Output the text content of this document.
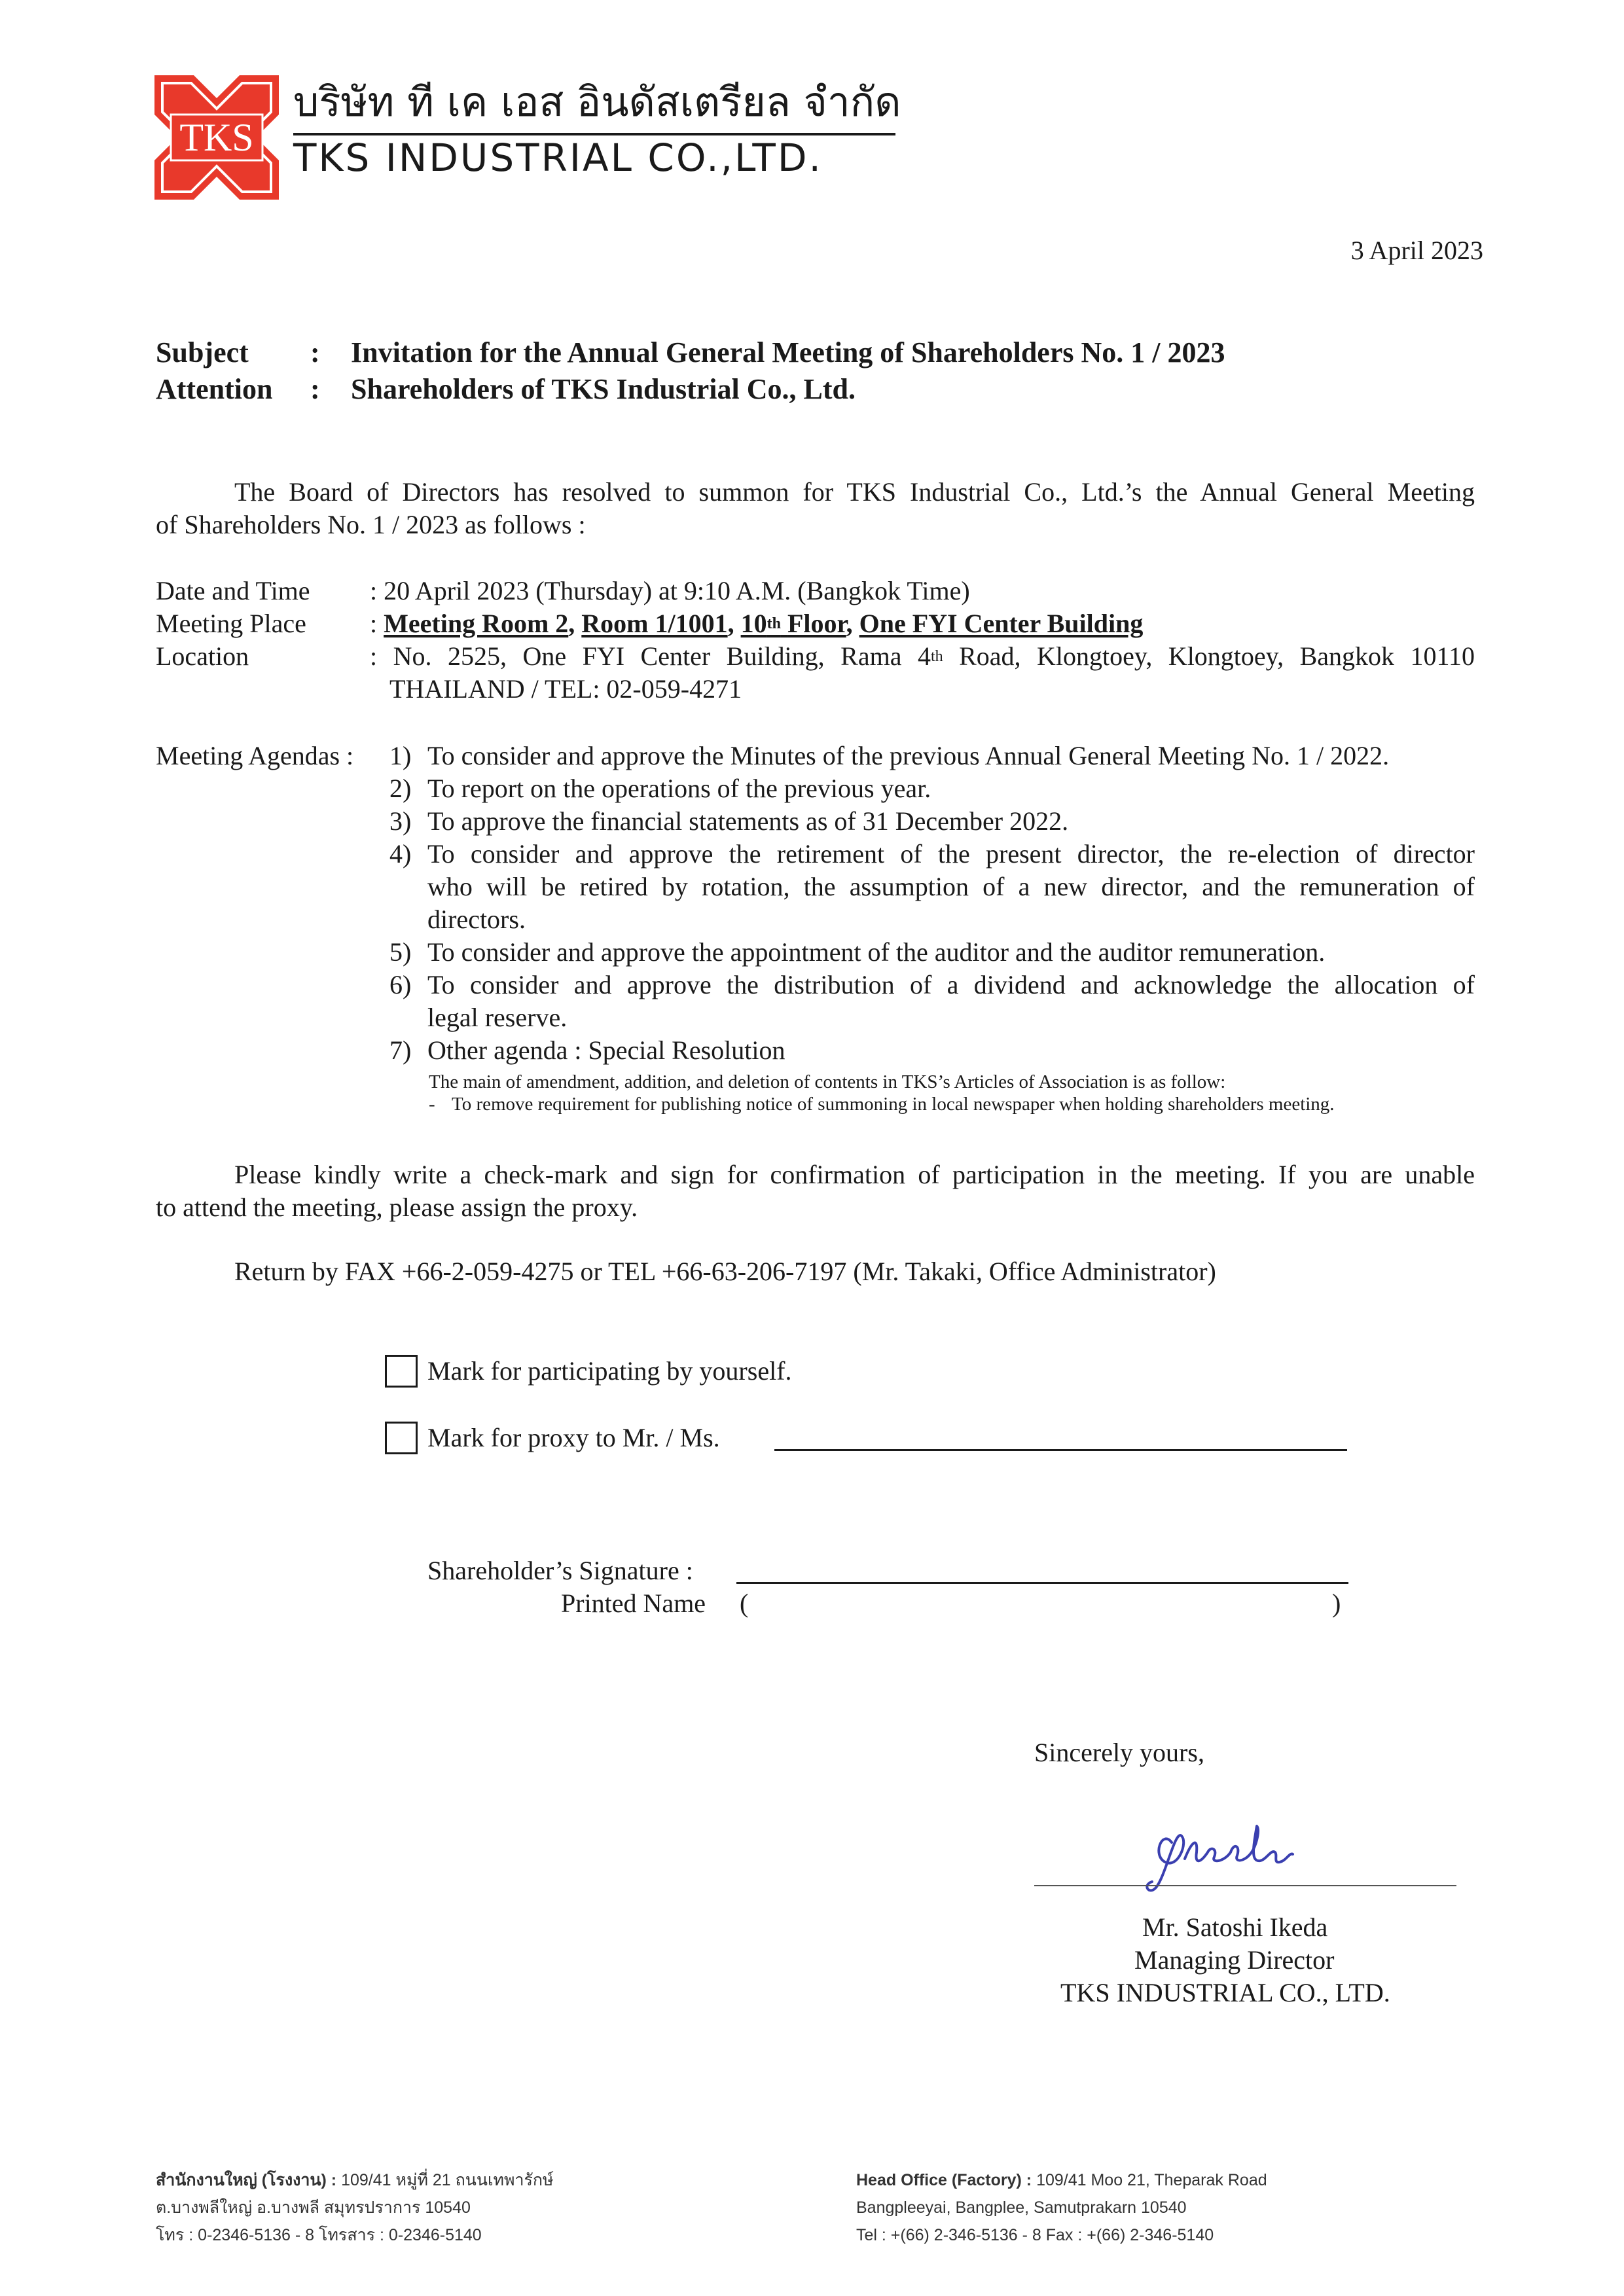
TKS
บริษัท ที เค เอส อินดัสเตรียล จำกัด
TKS INDUSTRIAL CO.,LTD.
3 April 2023
Subject : Invitation for the Annual General Meeting of Shareholders No. 1 / 2023
Attention : Shareholders of TKS Industrial Co., Ltd.
The Board of Directors has resolved to summon for TKS Industrial Co., Ltd.’s the Annual General Meeting
of Shareholders No. 1 / 2023 as follows :
Date and Time : 20 April 2023 (Thursday) at 9:10 A.M. (Bangkok Time)
Meeting Place : Meeting Room 2, Room 1/1001, 10th Floor, One FYI Center Building
Location	: No. 2525, One FYI Center Building, Rama 4th Road, Klongtoey, Klongtoey, Bangkok 10110
THAILAND / TEL: 02-059-4271
Meeting Agendas : 1) To consider and approve the Minutes of the previous Annual General Meeting No. 1 / 2022.
2) To report on the operations of the previous year.
3) To approve the financial statements as of 31 December 2022.
4) To consider and approve the retirement of the present director, the re-election of director
who will be retired by rotation, the assumption of a new director, and the remuneration of
directors.
5) To consider and approve the appointment of the auditor and the auditor remuneration.
6) To consider and approve the distribution of a dividend and acknowledge the allocation of
legal reserve.
7) Other agenda : Special Resolution
The main of amendment, addition, and deletion of contents in TKS’s Articles of Association is as follow:
- To remove requirement for publishing notice of summoning in local newspaper when holding shareholders meeting.
Please kindly write a check-mark and sign for confirmation of participation in the meeting. If you are unable
to attend the meeting, please assign the proxy.
Return by FAX +66-2-059-4275 or TEL +66-63-206-7197 (Mr. Takaki, Office Administrator)
Mark for participating by yourself.
Mark for proxy to Mr. / Ms.
Shareholder’s Signature :
Printed Name (	)
Sincerely yours,
Mr. Satoshi Ikeda
Managing Director
TKS INDUSTRIAL CO., LTD.
สำนักงานใหญ่ (โรงงาน) : 109/41 หมู่ที่ 21 ถนนเทพารักษ์
ต.บางพลีใหญ่ อ.บางพลี สมุทรปราการ 10540
โทร : 0-2346-5136 - 8 โทรสาร : 0-2346-5140
Head Office (Factory) : 109/41 Moo 21, Theparak Road
Bangpleeyai, Bangplee, Samutprakarn 10540
Tel : +(66) 2-346-5136 - 8 Fax : +(66) 2-346-5140
